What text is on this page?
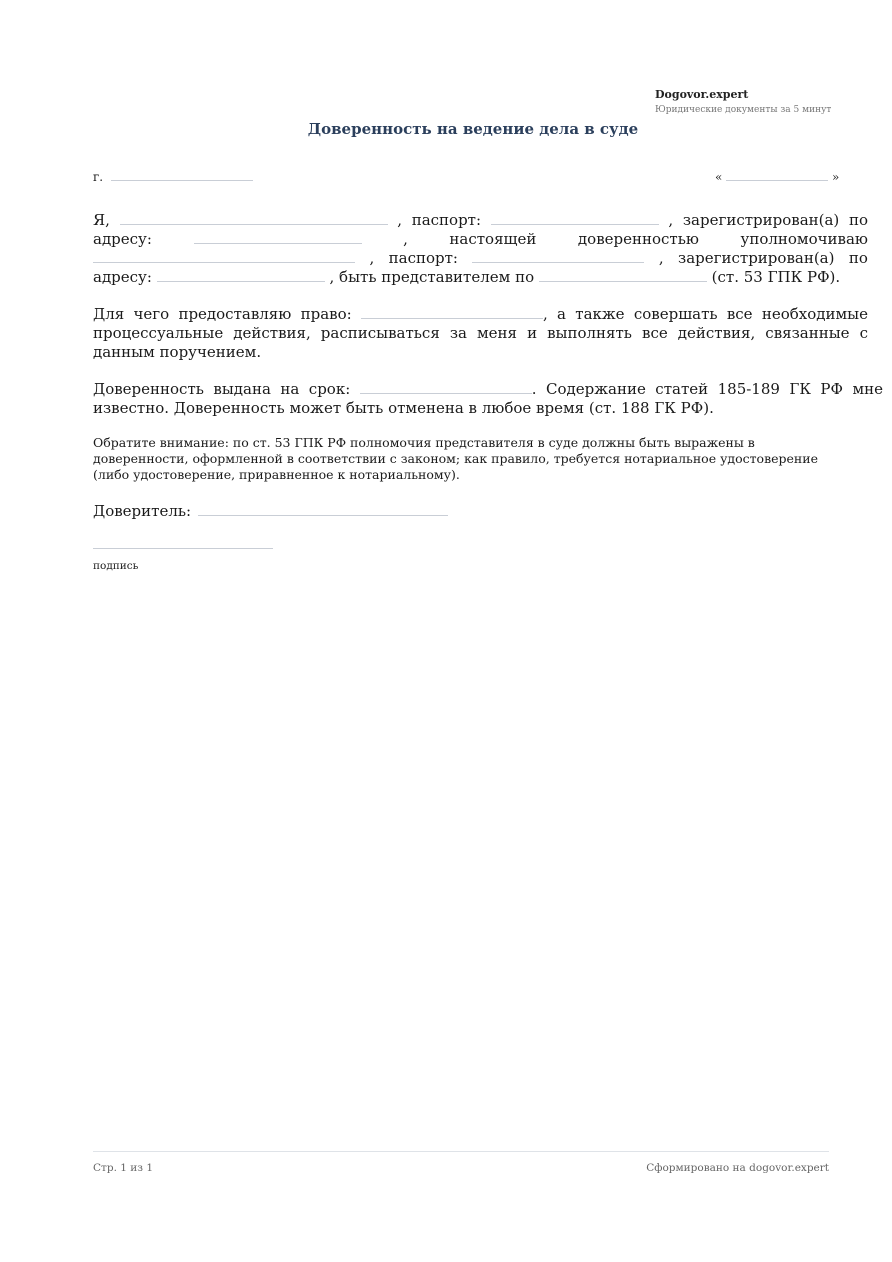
Dogovor.expert
Юридические документы за 5 минут
Доверенность на ведение дела в суде
г.	«	»
Я,	, паспорт:	, зарегистрирован(а) по адресу:	, настоящей доверенностью уполномочиваю  , паспорт:	, зарегистрирован(а) по адресу:	, быть представителем по	(ст. 53 ГПК РФ).
Для чего предоставляю право:	, а также совершать все необходимые процессуальные действия, расписываться за меня и выполнять все действия, связанные с данным поручением.
Доверенность выдана на срок:	. Содержание статей 185-189 ГК РФ мне известно. Доверенность может быть отменена в любое время (ст. 188 ГК РФ).
Обратите внимание: по ст. 53 ГПК РФ полномочия представителя в суде должны быть выражены в доверенности, оформленной в соответствии с законом; как правило, требуется нотариальное удостоверение (либо удостоверение, приравненное к нотариальному).
Доверитель:
подпись
Стр. 1 из 1	Сформировано на dogovor.expert
